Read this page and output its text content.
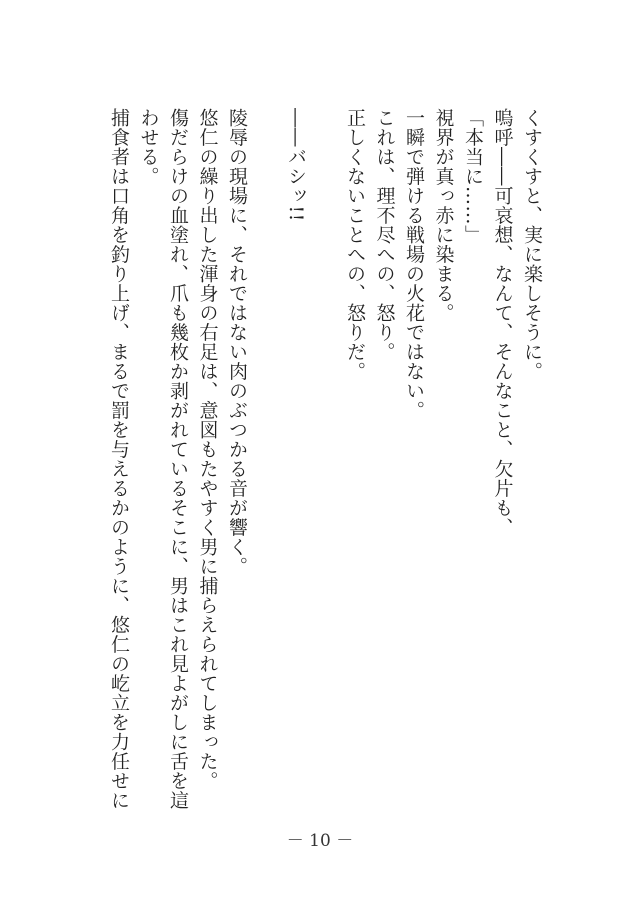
くすくすと、実に楽しそうに。

嗚呼――可哀想、なんて、そんなこと、欠片も、

「本当に……」

視界が真っ赤に染まる。

一瞬で弾ける戦場の火花ではない。

これは、理不尽への、怒り。

正しくないことへの、怒りだ。

――バシッ!!

陵辱の現場に、それではない肉のぶつかる音が響く。

悠仁の繰り出した渾身の右足は、意図もたやすく男に捕らえられてしまった。

傷だらけの血塗れ、爪も幾枚か剥がれているそこに、男はこれ見よがしに舌を這

わせる。

捕食者は口角を釣り上げ、まるで罰を与えるかのように、悠仁の屹立を力任せに

－ 10 －
